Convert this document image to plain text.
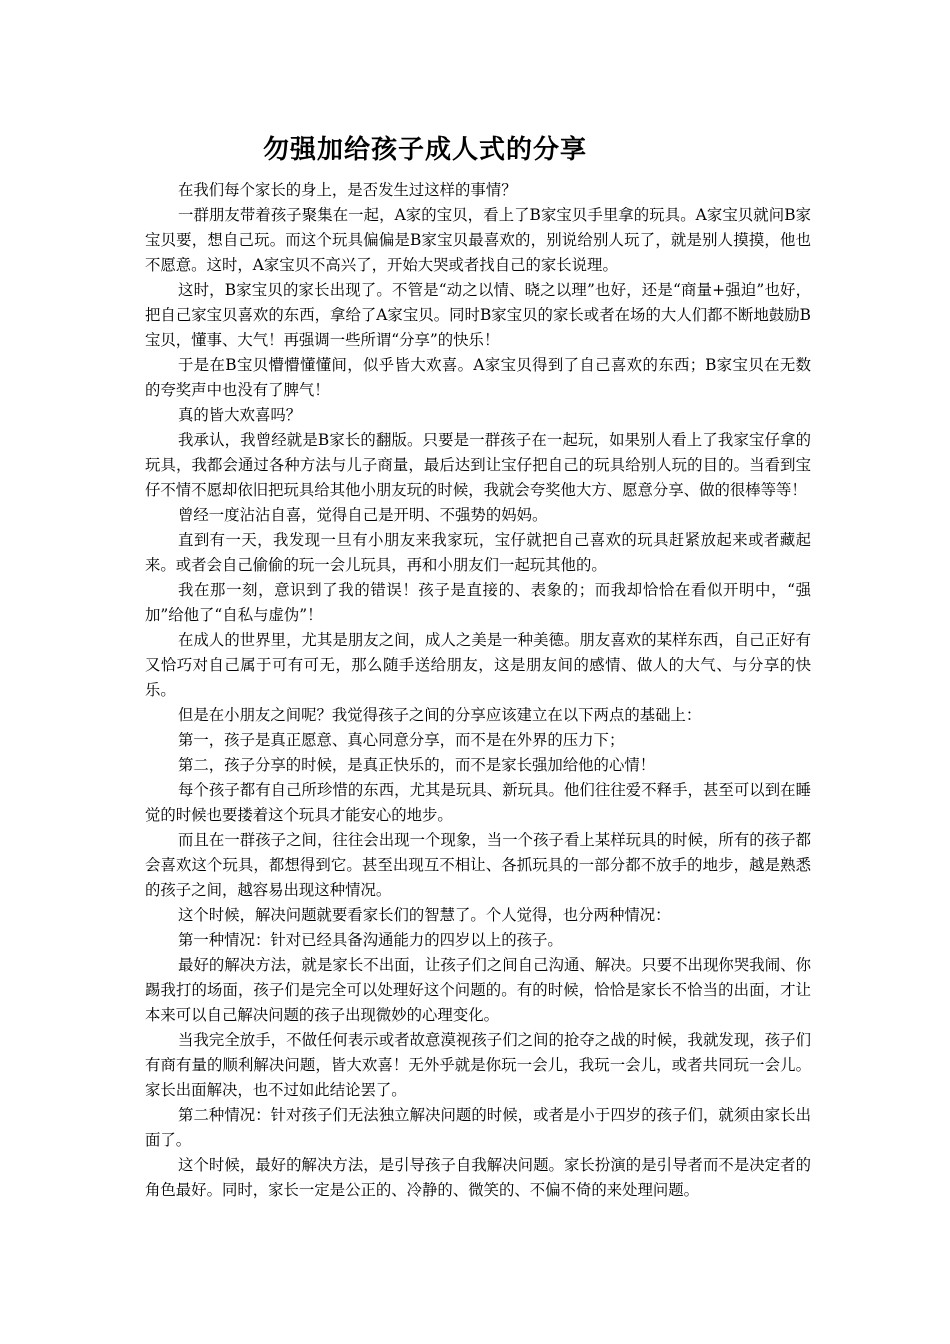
勿强加给孩子成人式的分享

在我们每个家长的身上，是否发生过这样的事情？

一群朋友带着孩子聚集在一起，A家的宝贝，看上了B家宝贝手里拿的玩具。A家宝贝就问B家宝贝要，想自己玩。而这个玩具偏偏是B家宝贝最喜欢的，别说给别人玩了，就是别人摸摸，他也不愿意。这时，A家宝贝不高兴了，开始大哭或者找自己的家长说理。

这时，B家宝贝的家长出现了。不管是“动之以情、晓之以理”也好，还是“商量+强迫”也好，把自己家宝贝喜欢的东西，拿给了A家宝贝。同时B家宝贝的家长或者在场的大人们都不断地鼓励B宝贝，懂事、大气！再强调一些所谓“分享”的快乐！

于是在B宝贝懵懵懂懂间，似乎皆大欢喜。A家宝贝得到了自己喜欢的东西；B家宝贝在无数的夸奖声中也没有了脾气！

真的皆大欢喜吗？

我承认，我曾经就是B家长的翻版。只要是一群孩子在一起玩，如果别人看上了我家宝仔拿的玩具，我都会通过各种方法与儿子商量，最后达到让宝仔把自己的玩具给别人玩的目的。当看到宝仔不情不愿却依旧把玩具给其他小朋友玩的时候，我就会夸奖他大方、愿意分享、做的很棒等等！

曾经一度沾沾自喜，觉得自己是开明、不强势的妈妈。

直到有一天，我发现一旦有小朋友来我家玩，宝仔就把自己喜欢的玩具赶紧放起来或者藏起来。或者会自己偷偷的玩一会儿玩具，再和小朋友们一起玩其他的。

我在那一刻，意识到了我的错误！孩子是直接的、表象的；而我却恰恰在看似开明中，“强加”给他了“自私与虚伪”！

在成人的世界里，尤其是朋友之间，成人之美是一种美德。朋友喜欢的某样东西，自己正好有又恰巧对自己属于可有可无，那么随手送给朋友，这是朋友间的感情、做人的大气、与分享的快乐。

但是在小朋友之间呢？我觉得孩子之间的分享应该建立在以下两点的基础上：

第一，孩子是真正愿意、真心同意分享，而不是在外界的压力下；

第二，孩子分享的时候，是真正快乐的，而不是家长强加给他的心情！

每个孩子都有自己所珍惜的东西，尤其是玩具、新玩具。他们往往爱不释手，甚至可以到在睡觉的时候也要搂着这个玩具才能安心的地步。

而且在一群孩子之间，往往会出现一个现象，当一个孩子看上某样玩具的时候，所有的孩子都会喜欢这个玩具，都想得到它。甚至出现互不相让、各抓玩具的一部分都不放手的地步，越是熟悉的孩子之间，越容易出现这种情况。

这个时候，解决问题就要看家长们的智慧了。个人觉得，也分两种情况：

第一种情况：针对已经具备沟通能力的四岁以上的孩子。

最好的解决方法，就是家长不出面，让孩子们之间自己沟通、解决。只要不出现你哭我闹、你踢我打的场面，孩子们是完全可以处理好这个问题的。有的时候，恰恰是家长不恰当的出面，才让本来可以自己解决问题的孩子出现微妙的心理变化。

当我完全放手，不做任何表示或者故意漠视孩子们之间的抢夺之战的时候，我就发现，孩子们有商有量的顺利解决问题，皆大欢喜！无外乎就是你玩一会儿，我玩一会儿，或者共同玩一会儿。家长出面解决，也不过如此结论罢了。

第二种情况：针对孩子们无法独立解决问题的时候，或者是小于四岁的孩子们，就须由家长出面了。

这个时候，最好的解决方法，是引导孩子自我解决问题。家长扮演的是引导者而不是决定者的角色最好。同时，家长一定是公正的、冷静的、微笑的、不偏不倚的来处理问题。
